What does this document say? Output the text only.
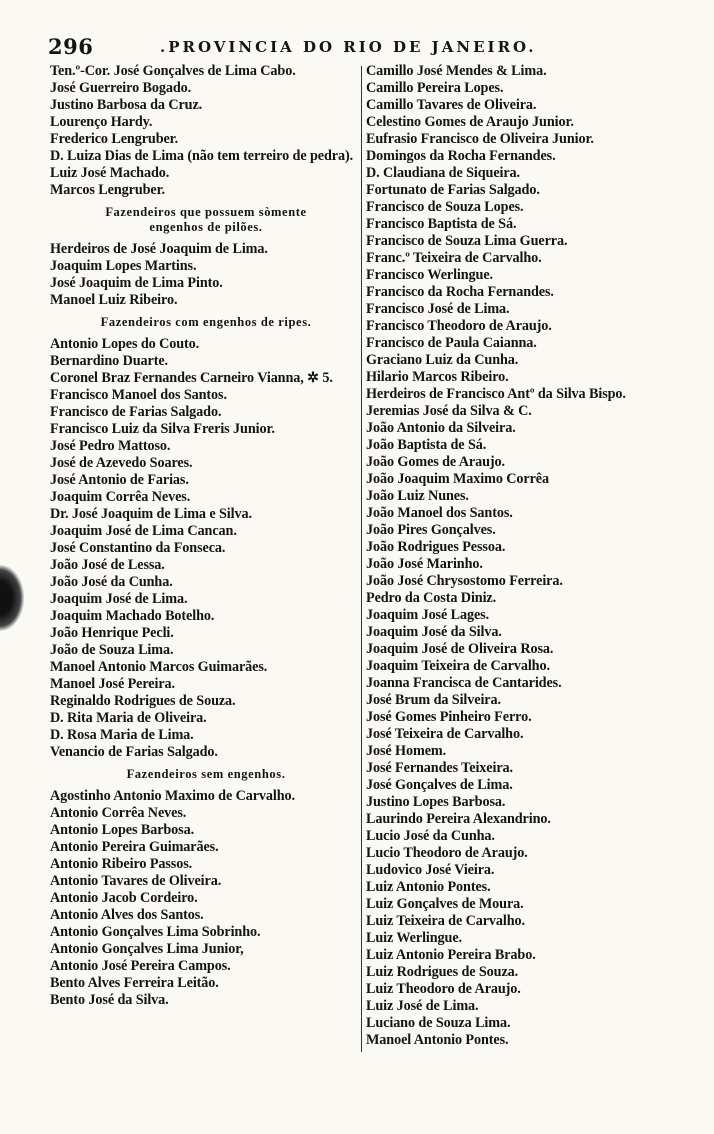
296	.PROVINCIA DO RIO DE JANEIRO.

Ten.º-Cor. José Gonçalves de Lima Cabo.

José Guerreiro Bogado.

Justino Barbosa da Cruz.

Lourenço Hardy.

Frederico Lengruber.

D. Luiza Dias de Lima (não tem terreiro de pedra).

Luiz José Machado.

Marcos Lengruber.

Fazendeiros que possuem sòmente
engenhos de pilões.

Herdeiros de José Joaquim de Lima.

Joaquim Lopes Martins.

José Joaquim de Lima Pinto.

Manoel Luiz Ribeiro.

Fazendeiros com engenhos de ripes.

Antonio Lopes do Couto.

Bernardino Duarte.

Coronel Braz Fernandes Carneiro Vianna, ✲ 5.

Francisco Manoel dos Santos.

Francisco de Farias Salgado.

Francisco Luiz da Silva Freris Junior.

José Pedro Mattoso.

José de Azevedo Soares.

José Antonio de Farias.

Joaquim Corrêa Neves.

Dr. José Joaquim de Lima e Silva.

Joaquim José de Lima Cancan.

José Constantino da Fonseca.

João José de Lessa.

João José da Cunha.

Joaquim José de Lima.

Joaquim Machado Botelho.

João Henrique Pecli.

João de Souza Lima.

Manoel Antonio Marcos Guimarães.

Manoel José Pereira.

Reginaldo Rodrigues de Souza.

D. Rita Maria de Oliveira.

D. Rosa Maria de Lima.

Venancio de Farias Salgado.

Fazendeiros sem engenhos.

Agostinho Antonio Maximo de Carvalho.

Antonio Corrêa Neves.

Antonio Lopes Barbosa.

Antonio Pereira Guimarães.

Antonio Ribeiro Passos.

Antonio Tavares de Oliveira.

Antonio Jacob Cordeiro.

Antonio Alves dos Santos.

Antonio Gonçalves Lima Sobrinho.

Antonio Gonçalves Lima Junior,

Antonio José Pereira Campos.

Bento Alves Ferreira Leitão.

Bento José da Silva.

Camillo José Mendes & Lima.

Camillo Pereira Lopes.

Camillo Tavares de Oliveira.

Celestino Gomes de Araujo Junior.

Eufrasio Francisco de Oliveira Junior.

Domingos da Rocha Fernandes.

D. Claudiana de Siqueira.

Fortunato de Farias Salgado.

Francisco de Souza Lopes.

Francisco Baptista de Sá.

Francisco de Souza Lima Guerra.

Franc.º Teixeira de Carvalho.

Francisco Werlingue.

Francisco da Rocha Fernandes.

Francisco José de Lima.

Francisco Theodoro de Araujo.

Francisco de Paula Caianna.

Graciano Luiz da Cunha.

Hilario Marcos Ribeiro.

Herdeiros de Francisco Antº da Silva Bispo.

Jeremias José da Silva & C.

João Antonio da Silveira.

João Baptista de Sá.

João Gomes de Araujo.

João Joaquim Maximo Corrêa

João Luiz Nunes.

João Manoel dos Santos.

João Pires Gonçalves.

João Rodrigues Pessoa.

João José Marinho.

João José Chrysostomo Ferreira.

Pedro da Costa Diniz.

Joaquim José Lages.

Joaquim José da Silva.

Joaquim José de Oliveira Rosa.

Joaquim Teixeira de Carvalho.

Joanna Francisca de Cantarides.

José Brum da Silveira.

José Gomes Pinheiro Ferro.

José Teixeira de Carvalho.

José Homem.

José Fernandes Teixeira.

José Gonçalves de Lima.

Justino Lopes Barbosa.

Laurindo Pereira Alexandrino.

Lucio José da Cunha.

Lucio Theodoro de Araujo.

Ludovico José Vieira.

Luiz Antonio Pontes.

Luiz Gonçalves de Moura.

Luiz Teixeira de Carvalho.

Luiz Werlingue.

Luiz Antonio Pereira Brabo.

Luiz Rodrigues de Souza.

Luiz Theodoro de Araujo.

Luiz José de Lima.

Luciano de Souza Lima.

Manoel Antonio Pontes.
